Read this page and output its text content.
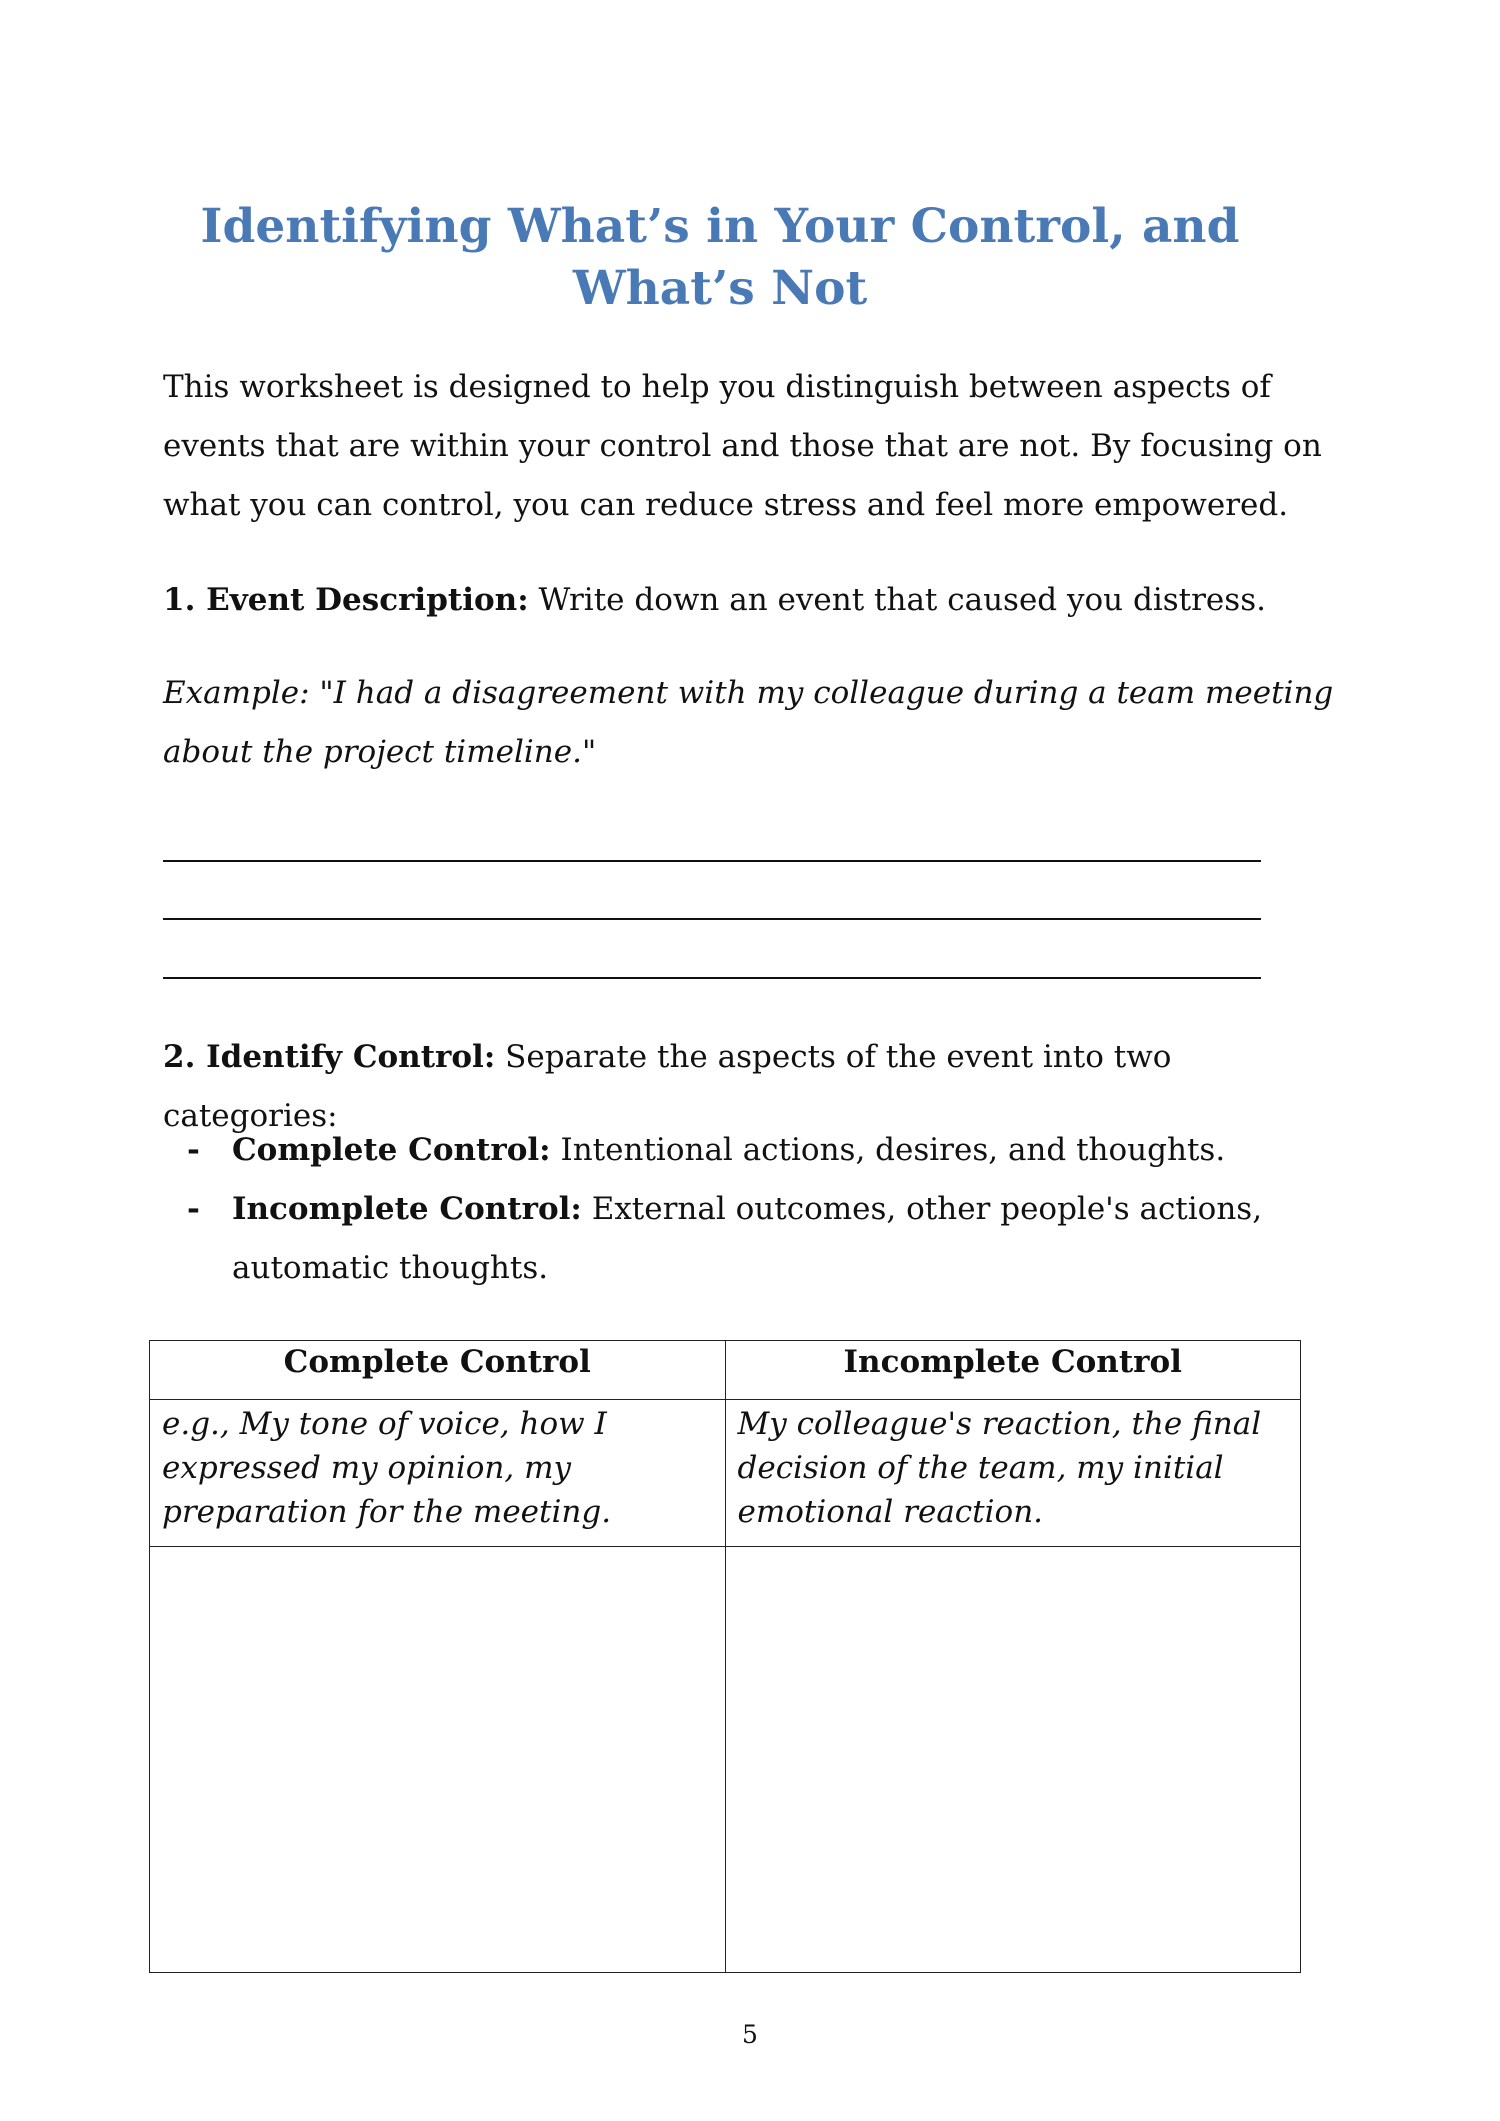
Identifying What’s in Your Control, and What’s Not

This worksheet is designed to help you distinguish between aspects of events that are within your control and those that are not. By focusing on what you can control, you can reduce stress and feel more empowered.

1. Event Description: Write down an event that caused you distress.

Example: "I had a disagreement with my colleague during a team meeting about the project timeline."

2. Identify Control: Separate the aspects of the event into two categories:

- Complete Control: Intentional actions, desires, and thoughts.
- Incomplete Control: External outcomes, other people's actions, automatic thoughts.
Complete Control	Incomplete Control
e.g., My tone of voice, how I expressed my opinion, my preparation for the meeting.	My colleague's reaction, the final decision of the team, my initial emotional reaction.

5
